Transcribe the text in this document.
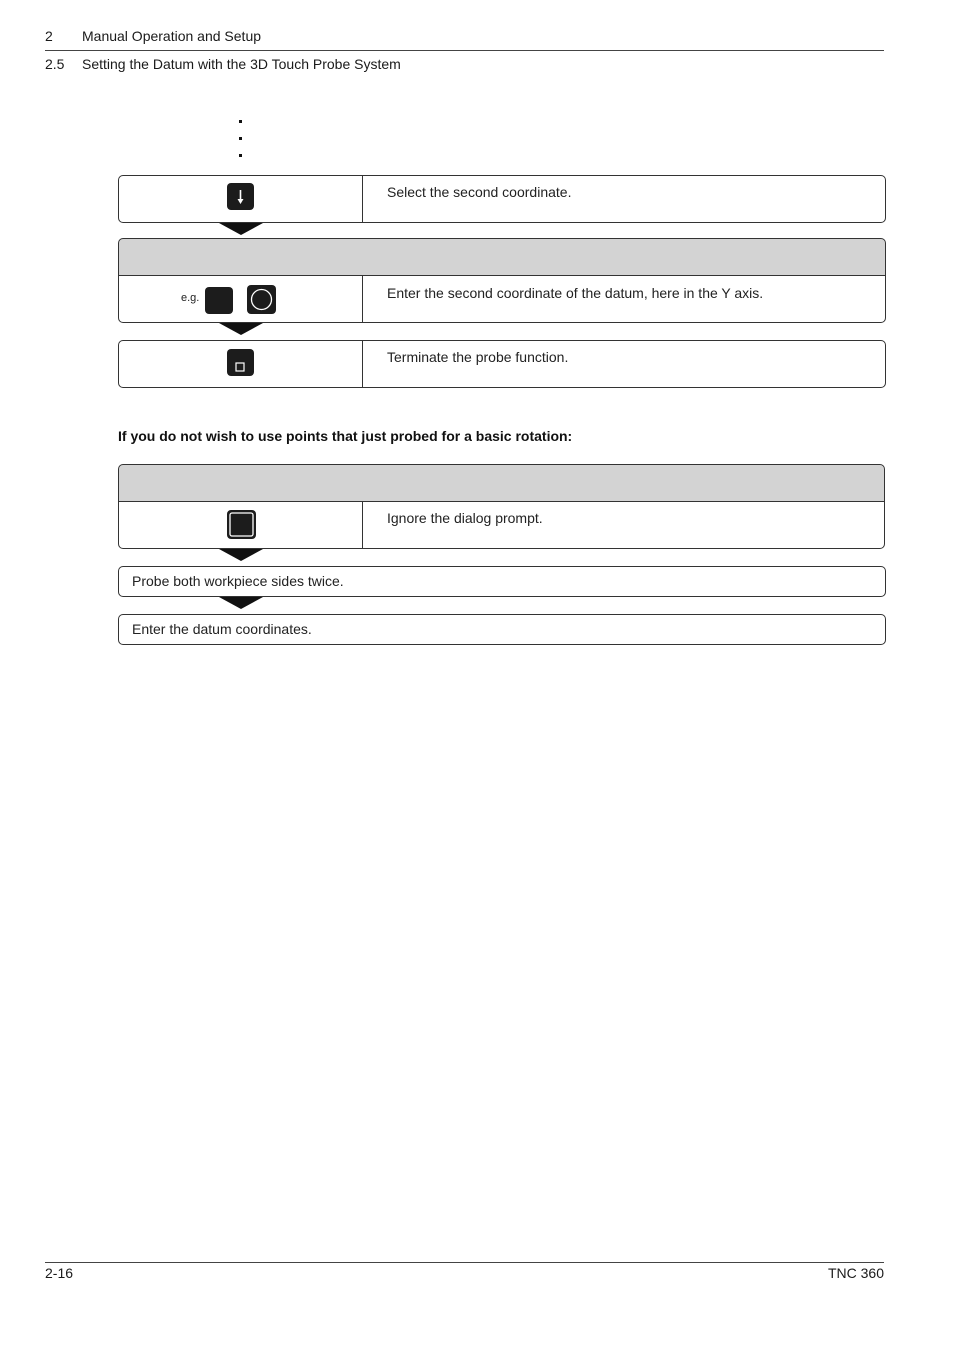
2 Manual Operation and Setup
2.5 Setting the Datum with the 3D Touch Probe System
Select the second coordinate.
e.g.	Enter the second coordinate of the datum, here in the Y axis.
Terminate the probe function.
If you do not wish to use points that just probed for a basic rotation:
Ignore the dialog prompt.
Probe both workpiece sides twice.
Enter the datum coordinates.
2-16	TNC 360
